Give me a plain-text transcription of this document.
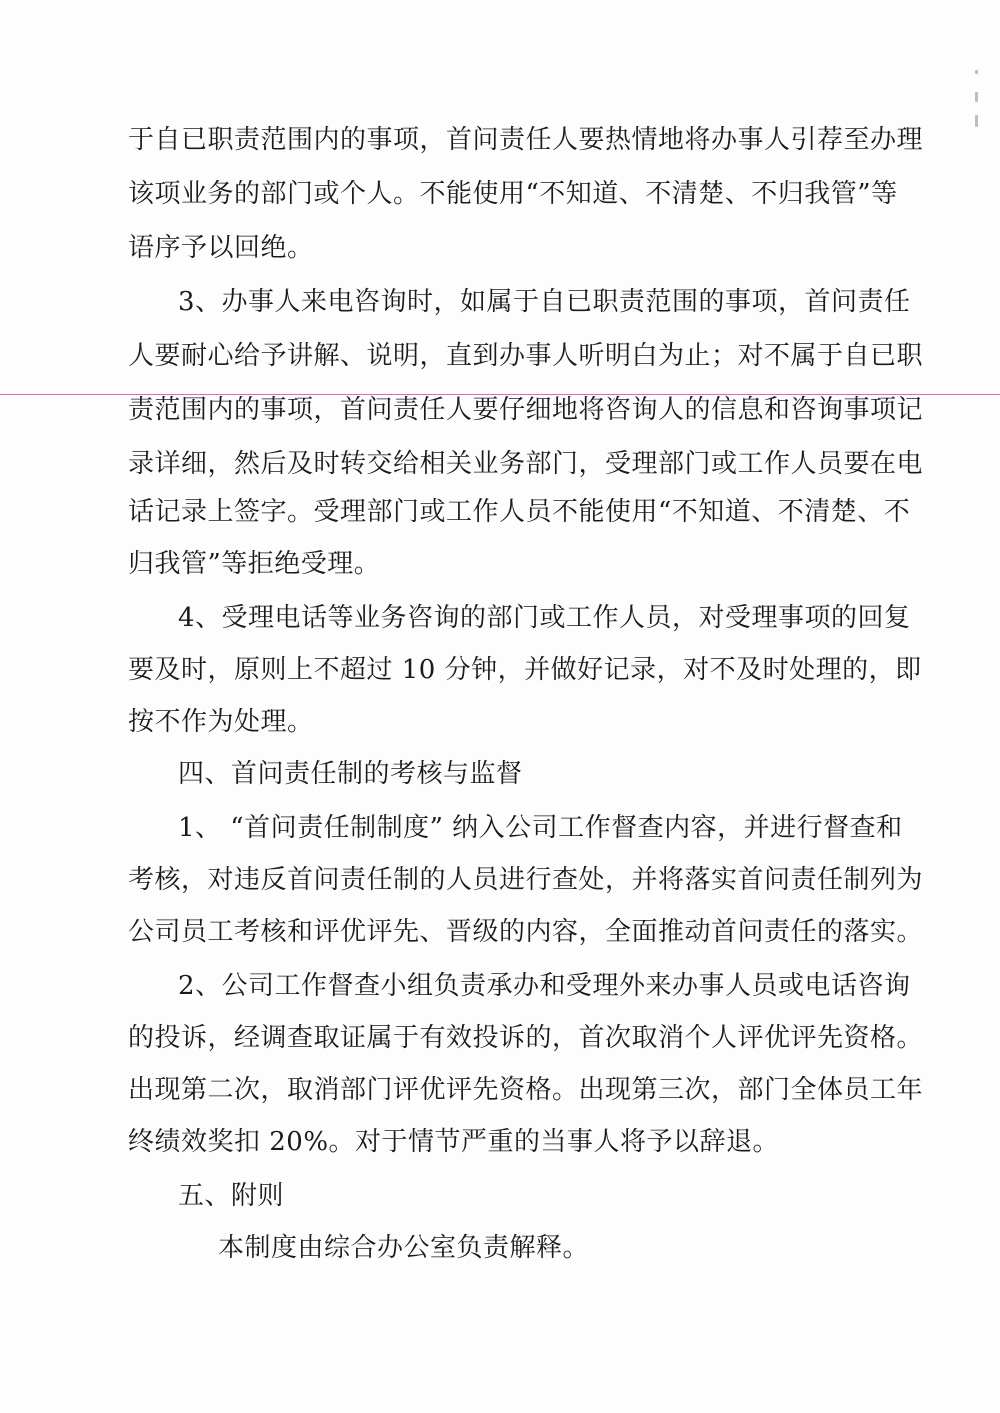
于自已职责范围内的事项，首问责任人要热情地将办事人引荐至办理
该项业务的部门或个人。不能使用“不知道、不清楚、不归我管”等
语序予以回绝。
3、办事人来电咨询时，如属于自已职责范围的事项，首问责任
人要耐心给予讲解、说明，直到办事人听明白为止；对不属于自已职
责范围内的事项，首问责任人要仔细地将咨询人的信息和咨询事项记
录详细，然后及时转交给相关业务部门，受理部门或工作人员要在电
话记录上签字。受理部门或工作人员不能使用“不知道、不清楚、不
归我管”等拒绝受理。
4、受理电话等业务咨询的部门或工作人员，对受理事项的回复
要及时，原则上不超过 10 分钟，并做好记录，对不及时处理的，即
按不作为处理。
四、首问责任制的考核与监督
1、 “首问责任制制度” 纳入公司工作督查内容，并进行督查和
考核，对违反首问责任制的人员进行查处，并将落实首问责任制列为
公司员工考核和评优评先、晋级的内容，全面推动首问责任的落实。
2、公司工作督查小组负责承办和受理外来办事人员或电话咨询
的投诉，经调查取证属于有效投诉的，首次取消个人评优评先资格。
出现第二次，取消部门评优评先资格。出现第三次，部门全体员工年
终绩效奖扣 20%。对于情节严重的当事人将予以辞退。
五、附则
本制度由综合办公室负责解释。
